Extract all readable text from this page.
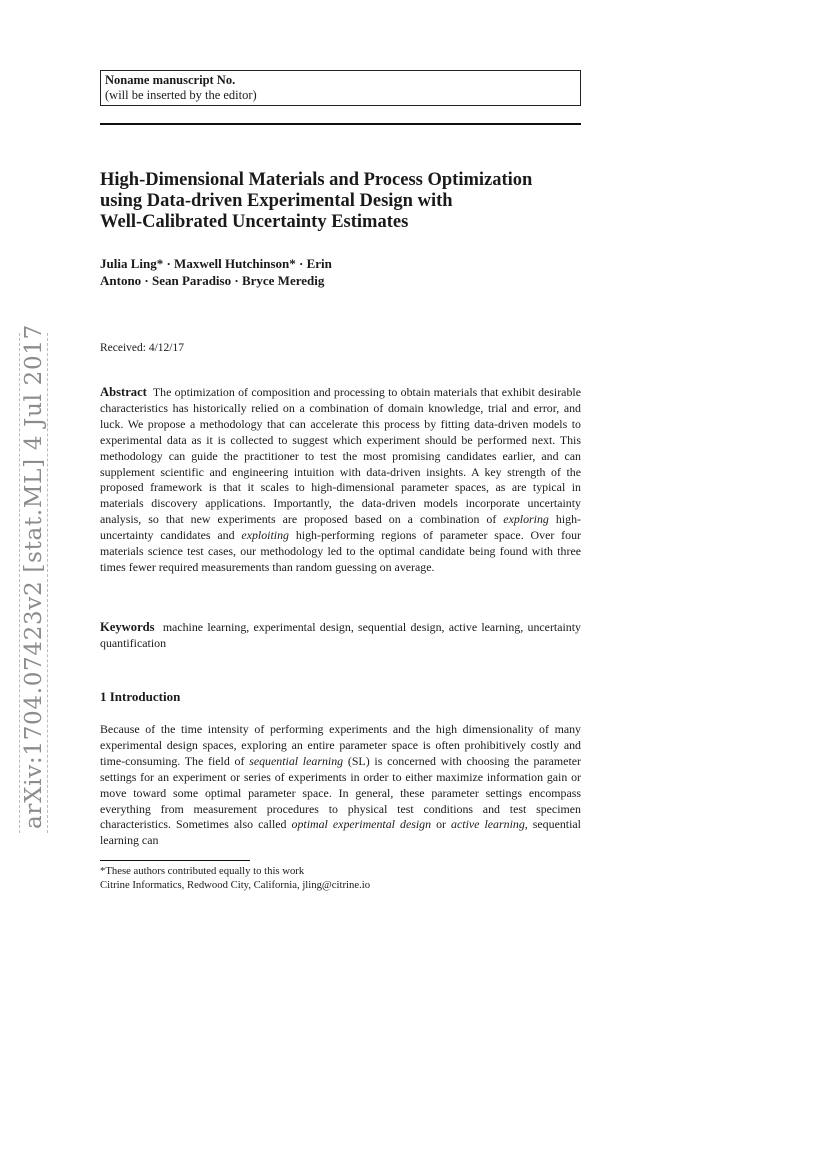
Noname manuscript No.
(will be inserted by the editor)
High-Dimensional Materials and Process Optimization
using Data-driven Experimental Design with
Well-Calibrated Uncertainty Estimates
Julia Ling* · Maxwell Hutchinson* · Erin
Antono · Sean Paradiso · Bryce Meredig
Received: 4/12/17

Abstract The optimization of composition and processing to obtain materials that exhibit desirable characteristics has historically relied on a combination of domain knowledge, trial and error, and luck. We propose a methodology that can accelerate this process by fitting data-driven models to experimental data as it is collected to suggest which experiment should be performed next. This methodology can guide the practitioner to test the most promising candidates earlier, and can supplement scientific and engineering intuition with data-driven insights. A key strength of the proposed framework is that it scales to high-dimensional parameter spaces, as are typical in materials discovery applications. Importantly, the data-driven models incorporate uncertainty analysis, so that new experiments are proposed based on a combination of exploring high-uncertainty candidates and exploiting high-performing regions of parameter space. Over four materials science test cases, our methodology led to the optimal candidate being found with three times fewer required measurements than random guessing on average.

Keywords machine learning, experimental design, sequential design, active learning, uncertainty quantification

1 Introduction

Because of the time intensity of performing experiments and the high dimensionality of many experimental design spaces, exploring an entire parameter space is often prohibitively costly and time-consuming. The field of sequential learning (SL) is concerned with choosing the parameter settings for an experiment or series of experiments in order to either maximize information gain or move toward some optimal parameter space. In general, these parameter settings encompass everything from measurement procedures to physical test conditions and test specimen characteristics. Sometimes also called optimal experimental design or active learning, sequential learning can

*These authors contributed equally to this work
Citrine Informatics, Redwood City, California, jling@citrine.io
arXiv:1704.07423v2 [stat.ML] 4 Jul 2017
